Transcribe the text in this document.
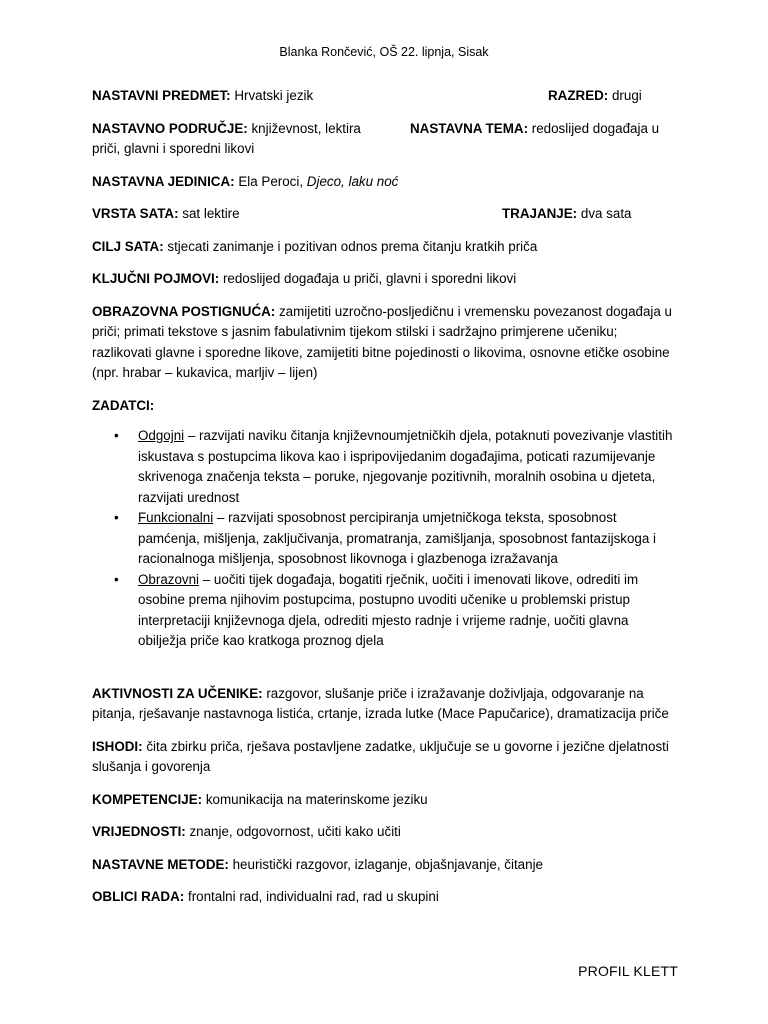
Blanka Rončević, OŠ 22. lipnja, Sisak
NASTAVNI PREDMET: Hrvatski jezik	RAZRED: drugi
NASTAVNO PODRUČJE: književnost, lektira	NASTAVNA TEMA: redoslijed događaja u
priči, glavni i sporedni likovi
NASTAVNA JEDINICA: Ela Peroci, Djeco, laku noć
VRSTA SATA: sat lektire	TRAJANJE: dva sata
CILJ SATA: stjecati zanimanje i pozitivan odnos prema čitanju kratkih priča
KLJUČNI POJMOVI: redoslijed događaja u priči, glavni i sporedni likovi
OBRAZOVNA POSTIGNUĆA: zamijetiti uzročno-posljedičnu i vremensku povezanost događaja u priči; primati tekstove s jasnim fabulativnim tijekom stilski i sadržajno primjerene učeniku; razlikovati glavne i sporedne likove, zamijetiti bitne pojedinosti o likovima, osnovne etičke osobine (npr. hrabar – kukavica, marljiv – lijen)
ZADATCI:
• Odgojni – razvijati naviku čitanja književnoumjetničkih djela, potaknuti povezivanje vlastitih iskustava s postupcima likova kao i ispripovijedanim događajima, poticati razumijevanje skrivenoga značenja teksta – poruke, njegovanje pozitivnih, moralnih osobina u djeteta, razvijati urednost
• Funkcionalni – razvijati sposobnost percipiranja umjetničkoga teksta, sposobnost pamćenja, mišljenja, zaključivanja, promatranja, zamišljanja, sposobnost fantazijskoga i racionalnoga mišljenja, sposobnost likovnoga i glazbenoga izražavanja
• Obrazovni – uočiti tijek događaja, bogatiti rječnik, uočiti i imenovati likove, odrediti im osobine prema njihovim postupcima, postupno uvoditi učenike u problemski pristup interpretaciji književnoga djela, odrediti mjesto radnje i vrijeme radnje, uočiti glavna obilježja priče kao kratkoga proznog djela
AKTIVNOSTI ZA UČENIKE: razgovor, slušanje priče i izražavanje doživljaja, odgovaranje na pitanja, rješavanje nastavnoga listića, crtanje, izrada lutke (Mace Papučarice), dramatizacija priče
ISHODI: čita zbirku priča, rješava postavljene zadatke, uključuje se u govorne i jezične djelatnosti slušanja i govorenja
KOMPETENCIJE: komunikacija na materinskome jeziku
VRIJEDNOSTI: znanje, odgovornost, učiti kako učiti
NASTAVNE METODE: heuristički razgovor, izlaganje, objašnjavanje, čitanje
OBLICI RADA: frontalni rad, individualni rad, rad u skupini
PROFIL KLETT
